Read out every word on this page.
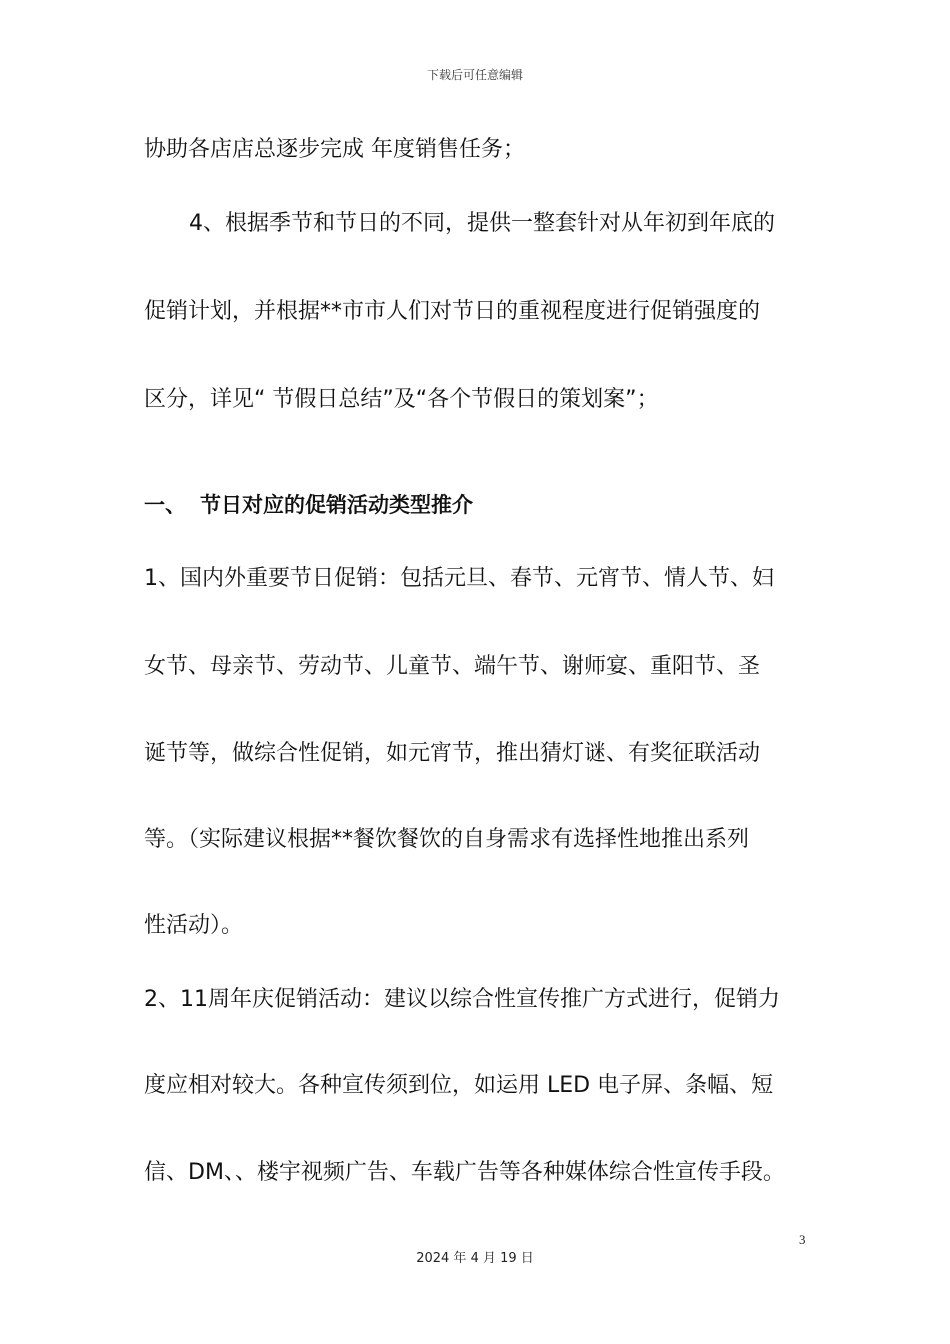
下载后可任意编辑
协助各店店总逐步完成 年度销售任务；
4、根据季节和节日的不同，提供一整套针对从年初到年底的
促销计划，并根据**市市人们对节日的重视程度进行促销强度的
区分，详见“ 节假日总结”及“各个节假日的策划案”；
一、 节日对应的促销活动类型推介
1、国内外重要节日促销：包括元旦、春节、元宵节、情人节、妇
女节、母亲节、劳动节、儿童节、端午节、谢师宴、重阳节、圣
诞节等，做综合性促销，如元宵节，推出猜灯谜、有奖征联活动
等。（实际建议根据**餐饮餐饮的自身需求有选择性地推出系列
性活动）。
2、11周年庆促销活动：建议以综合性宣传推广方式进行，促销力
度应相对较大。各种宣传须到位，如运用 LED 电子屏、条幅、短
信、DM、、楼宇视频广告、车载广告等各种媒体综合性宣传手段。
3
2024 年 4 月 19 日
